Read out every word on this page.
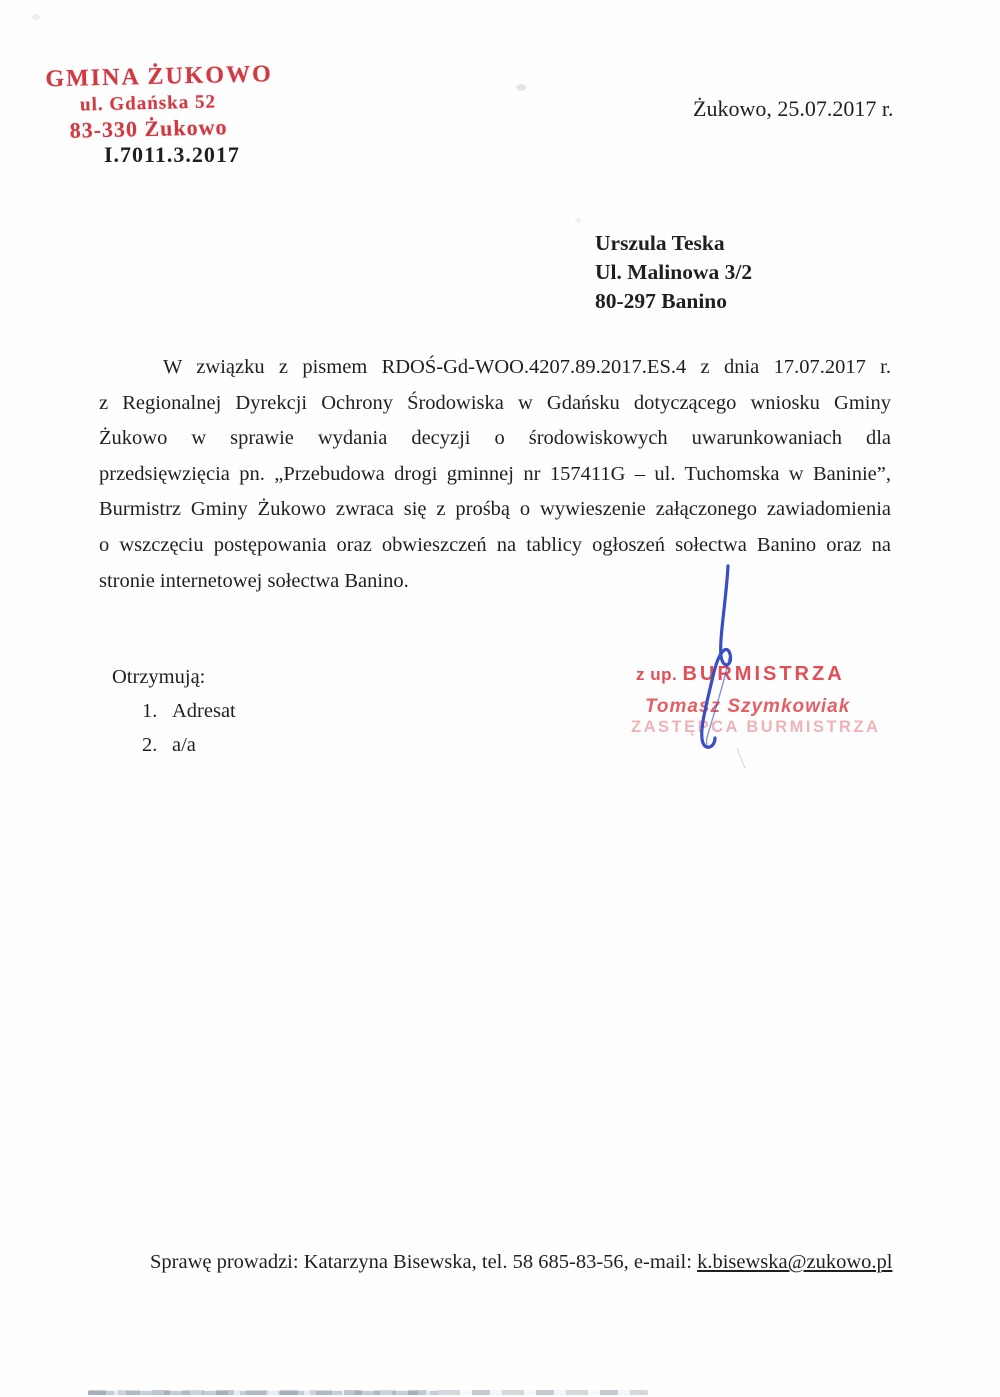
GMINA ŻUKOWO
ul. Gdańska 52
83-330 Żukowo
I.7011.3.2017
Żukowo, 25.07.2017 r.
Urszula Teska
Ul. Malinowa 3/2
80-297 Banino
W związku z pismem RDOŚ-Gd-WOO.4207.89.2017.ES.4 z dnia 17.07.2017 r.
z Regionalnej Dyrekcji Ochrony Środowiska w Gdańsku dotyczącego wniosku Gminy
Żukowo w sprawie wydania decyzji o środowiskowych uwarunkowaniach dla
przedsięwzięcia pn. „Przebudowa drogi gminnej nr 157411G – ul. Tuchomska w Baninie”,
Burmistrz Gminy Żukowo zwraca się z prośbą o wywieszenie załączonego zawiadomienia
o wszczęciu postępowania oraz obwieszczeń na tablicy ogłoszeń sołectwa Banino oraz na
stronie internetowej sołectwa Banino.
Otrzymują:
1. Adresat
2. a/a
z up. BURMISTRZA
Tomasz Szymkowiak
ZASTĘPCA BURMISTRZA
Sprawę prowadzi: Katarzyna Bisewska, tel. 58 685-83-56, e-mail: k.bisewska@zukowo.pl
